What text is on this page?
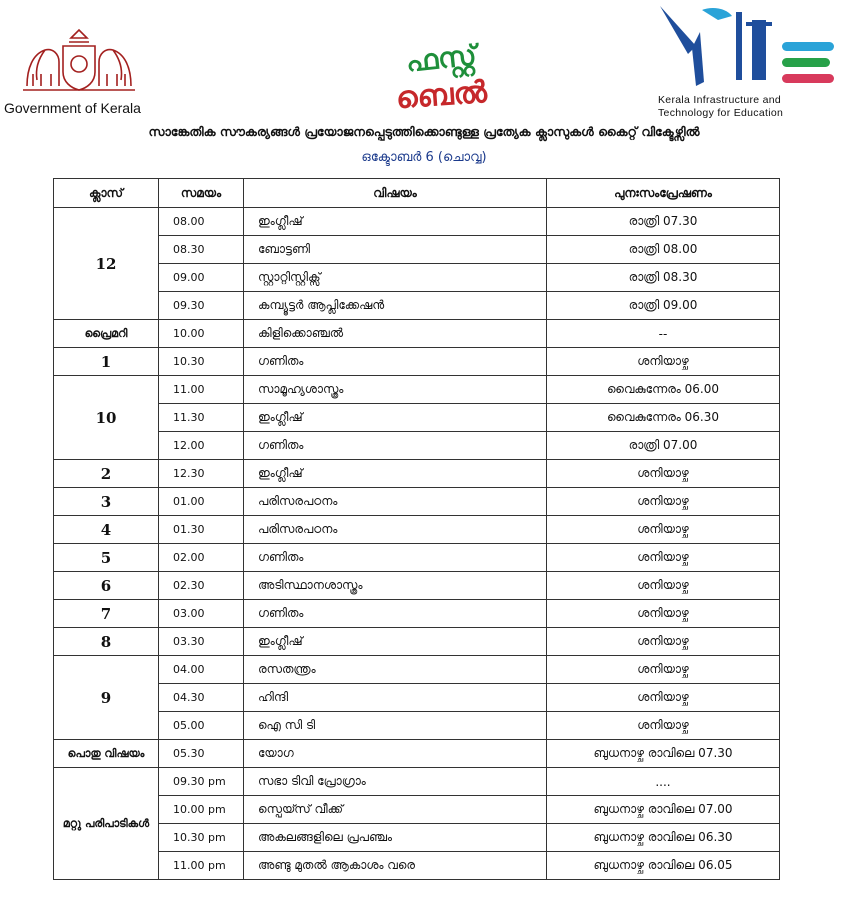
Government of Kerala
ഫസ്റ്റ്
ബെൽ	Kerala Infrastructure and
Technology for Education
സാങ്കേതിക സൗകര്യങ്ങൾ പ്രയോജനപ്പെടുത്തിക്കൊണ്ടുള്ള പ്രത്യേക ക്ലാസുകൾ കൈറ്റ് വിക്ടേഴ്സിൽ
ഒക്ടോബർ 6 (ചൊവ്വ)
ക്ലാസ്	സമയം	വിഷയം	പുനഃസംപ്രേഷണം
12	08.00	ഇംഗ്ലീഷ്	രാത്രി 07.30
	08.30	ബോട്ടണി	രാത്രി 08.00
	09.00	സ്റ്റാറ്റിസ്റ്റിക്സ്	രാത്രി 08.30
	09.30	കമ്പ്യൂട്ടർ ആപ്ലിക്കേഷൻ	രാത്രി 09.00
പ്രൈമറി	10.00	കിളിക്കൊഞ്ചൽ	--
1	10.30	ഗണിതം	ശനിയാഴ്ച
10	11.00	സാമൂഹ്യശാസ്ത്രം	വൈകുന്നേരം 06.00
	11.30	ഇംഗ്ലീഷ്	വൈകുന്നേരം 06.30
	12.00	ഗണിതം	രാത്രി 07.00
2	12.30	ഇംഗ്ലീഷ്	ശനിയാഴ്ച
3	01.00	പരിസരപഠനം	ശനിയാഴ്ച
4	01.30	പരിസരപഠനം	ശനിയാഴ്ച
5	02.00	ഗണിതം	ശനിയാഴ്ച
6	02.30	അടിസ്ഥാനശാസ്ത്രം	ശനിയാഴ്ച
7	03.00	ഗണിതം	ശനിയാഴ്ച
8	03.30	ഇംഗ്ലീഷ്	ശനിയാഴ്ച
9	04.00	രസതന്ത്രം	ശനിയാഴ്ച
	04.30	ഹിന്ദി	ശനിയാഴ്ച
	05.00	ഐ സി ടി	ശനിയാഴ്ച
പൊതു വിഷയം	05.30	യോഗ	ബുധനാഴ്ച രാവിലെ 07.30
മറ്റു പരിപാടികൾ	09.30 pm	സഭാ ടിവി പ്രോഗ്രാം	....
	10.00 pm	സ്പെയ്സ് വീക്ക്	ബുധനാഴ്ച രാവിലെ 07.00
	10.30 pm	അകലങ്ങളിലെ പ്രപഞ്ചം	ബുധനാഴ്ച രാവിലെ 06.30
	11.00 pm	അണ്ടു മുതൽ ആകാശം വരെ	ബുധനാഴ്ച രാവിലെ 06.05
